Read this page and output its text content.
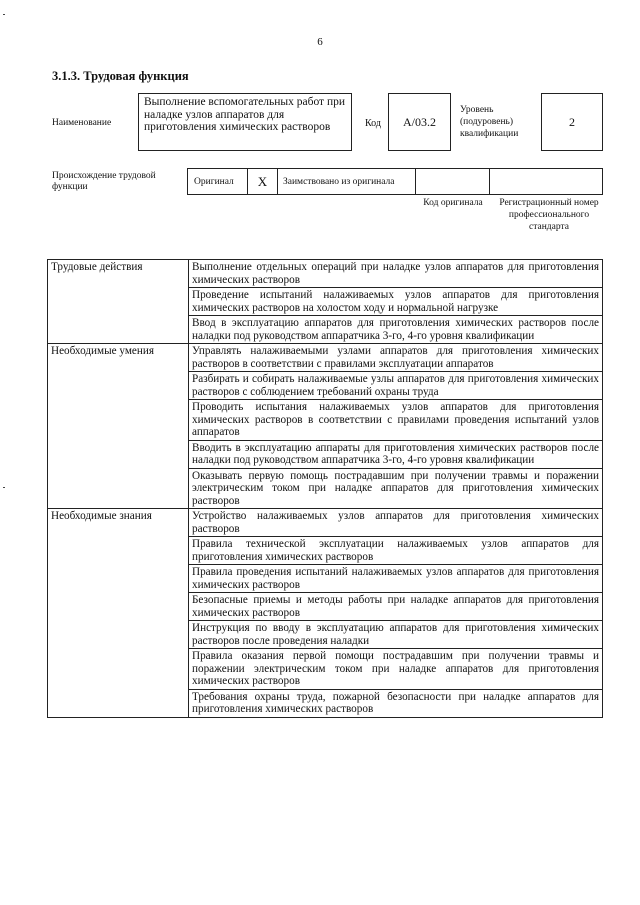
6
3.1.3. Трудовая функция
Наименование
Выполнение вспомогательных работ при наладке узлов аппаратов для приготовления химических растворов	Код	A/03.2
Уровень (подуровень) квалификации
2
Происхождение трудовой функции
Оригинал	X	Заимствовано из оригинала
Код оригинала	Регистрационный номер профессионального стандарта
Трудовые действия	Выполнение отдельных операций при наладке узлов аппаратов для приготовления химических растворов
	Проведение испытаний налаживаемых узлов аппаратов для приготовления химических растворов на холостом ходу и нормальной нагрузке
	Ввод в эксплуатацию аппаратов для приготовления химических растворов после наладки под руководством аппаратчика 3-го, 4-го уровня квалификации
Необходимые умения	Управлять налаживаемыми узлами аппаратов для приготовления химических растворов в соответствии с правилами эксплуатации аппаратов
	Разбирать и собирать налаживаемые узлы аппаратов для приготовления химических растворов с соблюдением требований охраны труда
	Проводить испытания налаживаемых узлов аппаратов для приготовления химических растворов в соответствии с правилами проведения испытаний узлов аппаратов
	Вводить в эксплуатацию аппараты для приготовления химических растворов после наладки под руководством аппаратчика 3-го, 4-го уровня квалификации
	Оказывать первую помощь пострадавшим при получении травмы и поражении электрическим током при наладке аппаратов для приготовления химических растворов
Необходимые знания	Устройство налаживаемых узлов аппаратов для приготовления химических растворов
	Правила технической эксплуатации налаживаемых узлов аппаратов для приготовления химических растворов
	Правила проведения испытаний налаживаемых узлов аппаратов для приготовления химических растворов
	Безопасные приемы и методы работы при наладке аппаратов для приготовления химических растворов
	Инструкция по вводу в эксплуатацию аппаратов для приготовления химических растворов после проведения наладки
	Правила оказания первой помощи пострадавшим при получении травмы и поражении электрическим током при наладке аппаратов для приготовления химических растворов
	Требования охраны труда, пожарной безопасности при наладке аппаратов для приготовления химических растворов
